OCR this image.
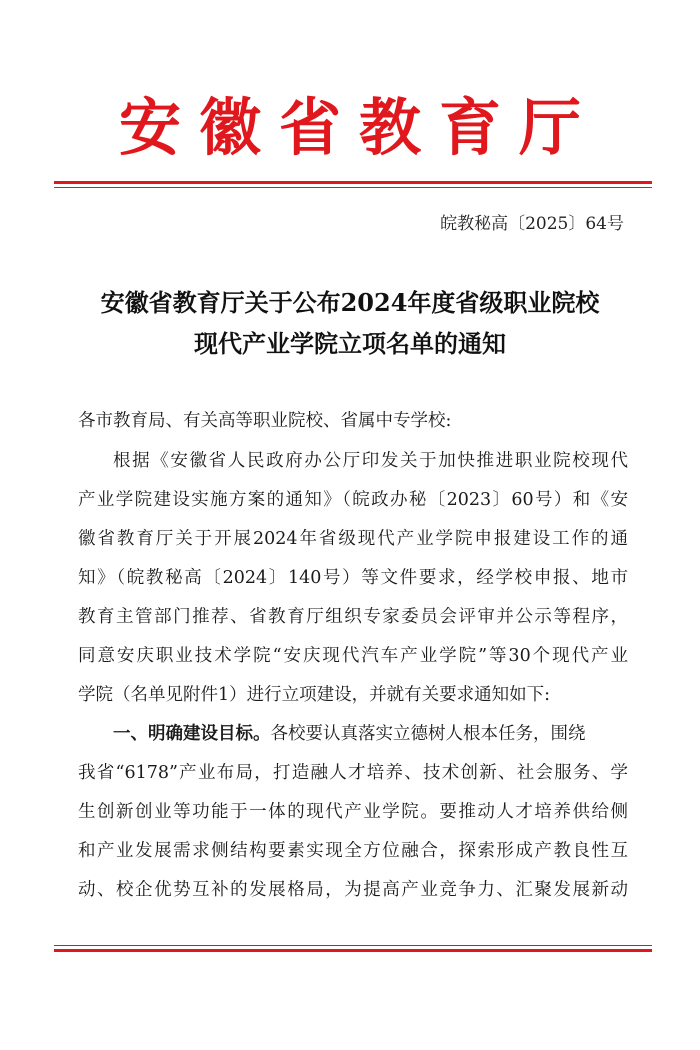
安徽省教育厅
皖教秘高〔2025〕64号
安徽省教育厅关于公布2024年度省级职业院校
现代产业学院立项名单的通知
各市教育局、有关高等职业院校、省属中专学校:
根据《安徽省人民政府办公厅印发关于加快推进职业院校现代
产业学院建设实施方案的通知》（皖政办秘〔2023〕60号）和《安
徽省教育厅关于开展2024年省级现代产业学院申报建设工作的通
知》（皖教秘高〔2024〕140号）等文件要求，经学校申报、地市
教育主管部门推荐、省教育厅组织专家委员会评审并公示等程序，
同意安庆职业技术学院“安庆现代汽车产业学院”等30个现代产业
学院（名单见附件1）进行立项建设，并就有关要求通知如下:
一、明确建设目标。各校要认真落实立德树人根本任务，围绕
我省“6178”产业布局，打造融人才培养、技术创新、社会服务、学
生创新创业等功能于一体的现代产业学院。要推动人才培养供给侧
和产业发展需求侧结构要素实现全方位融合，探索形成产教良性互
动、校企优势互补的发展格局，为提高产业竞争力、汇聚发展新动
